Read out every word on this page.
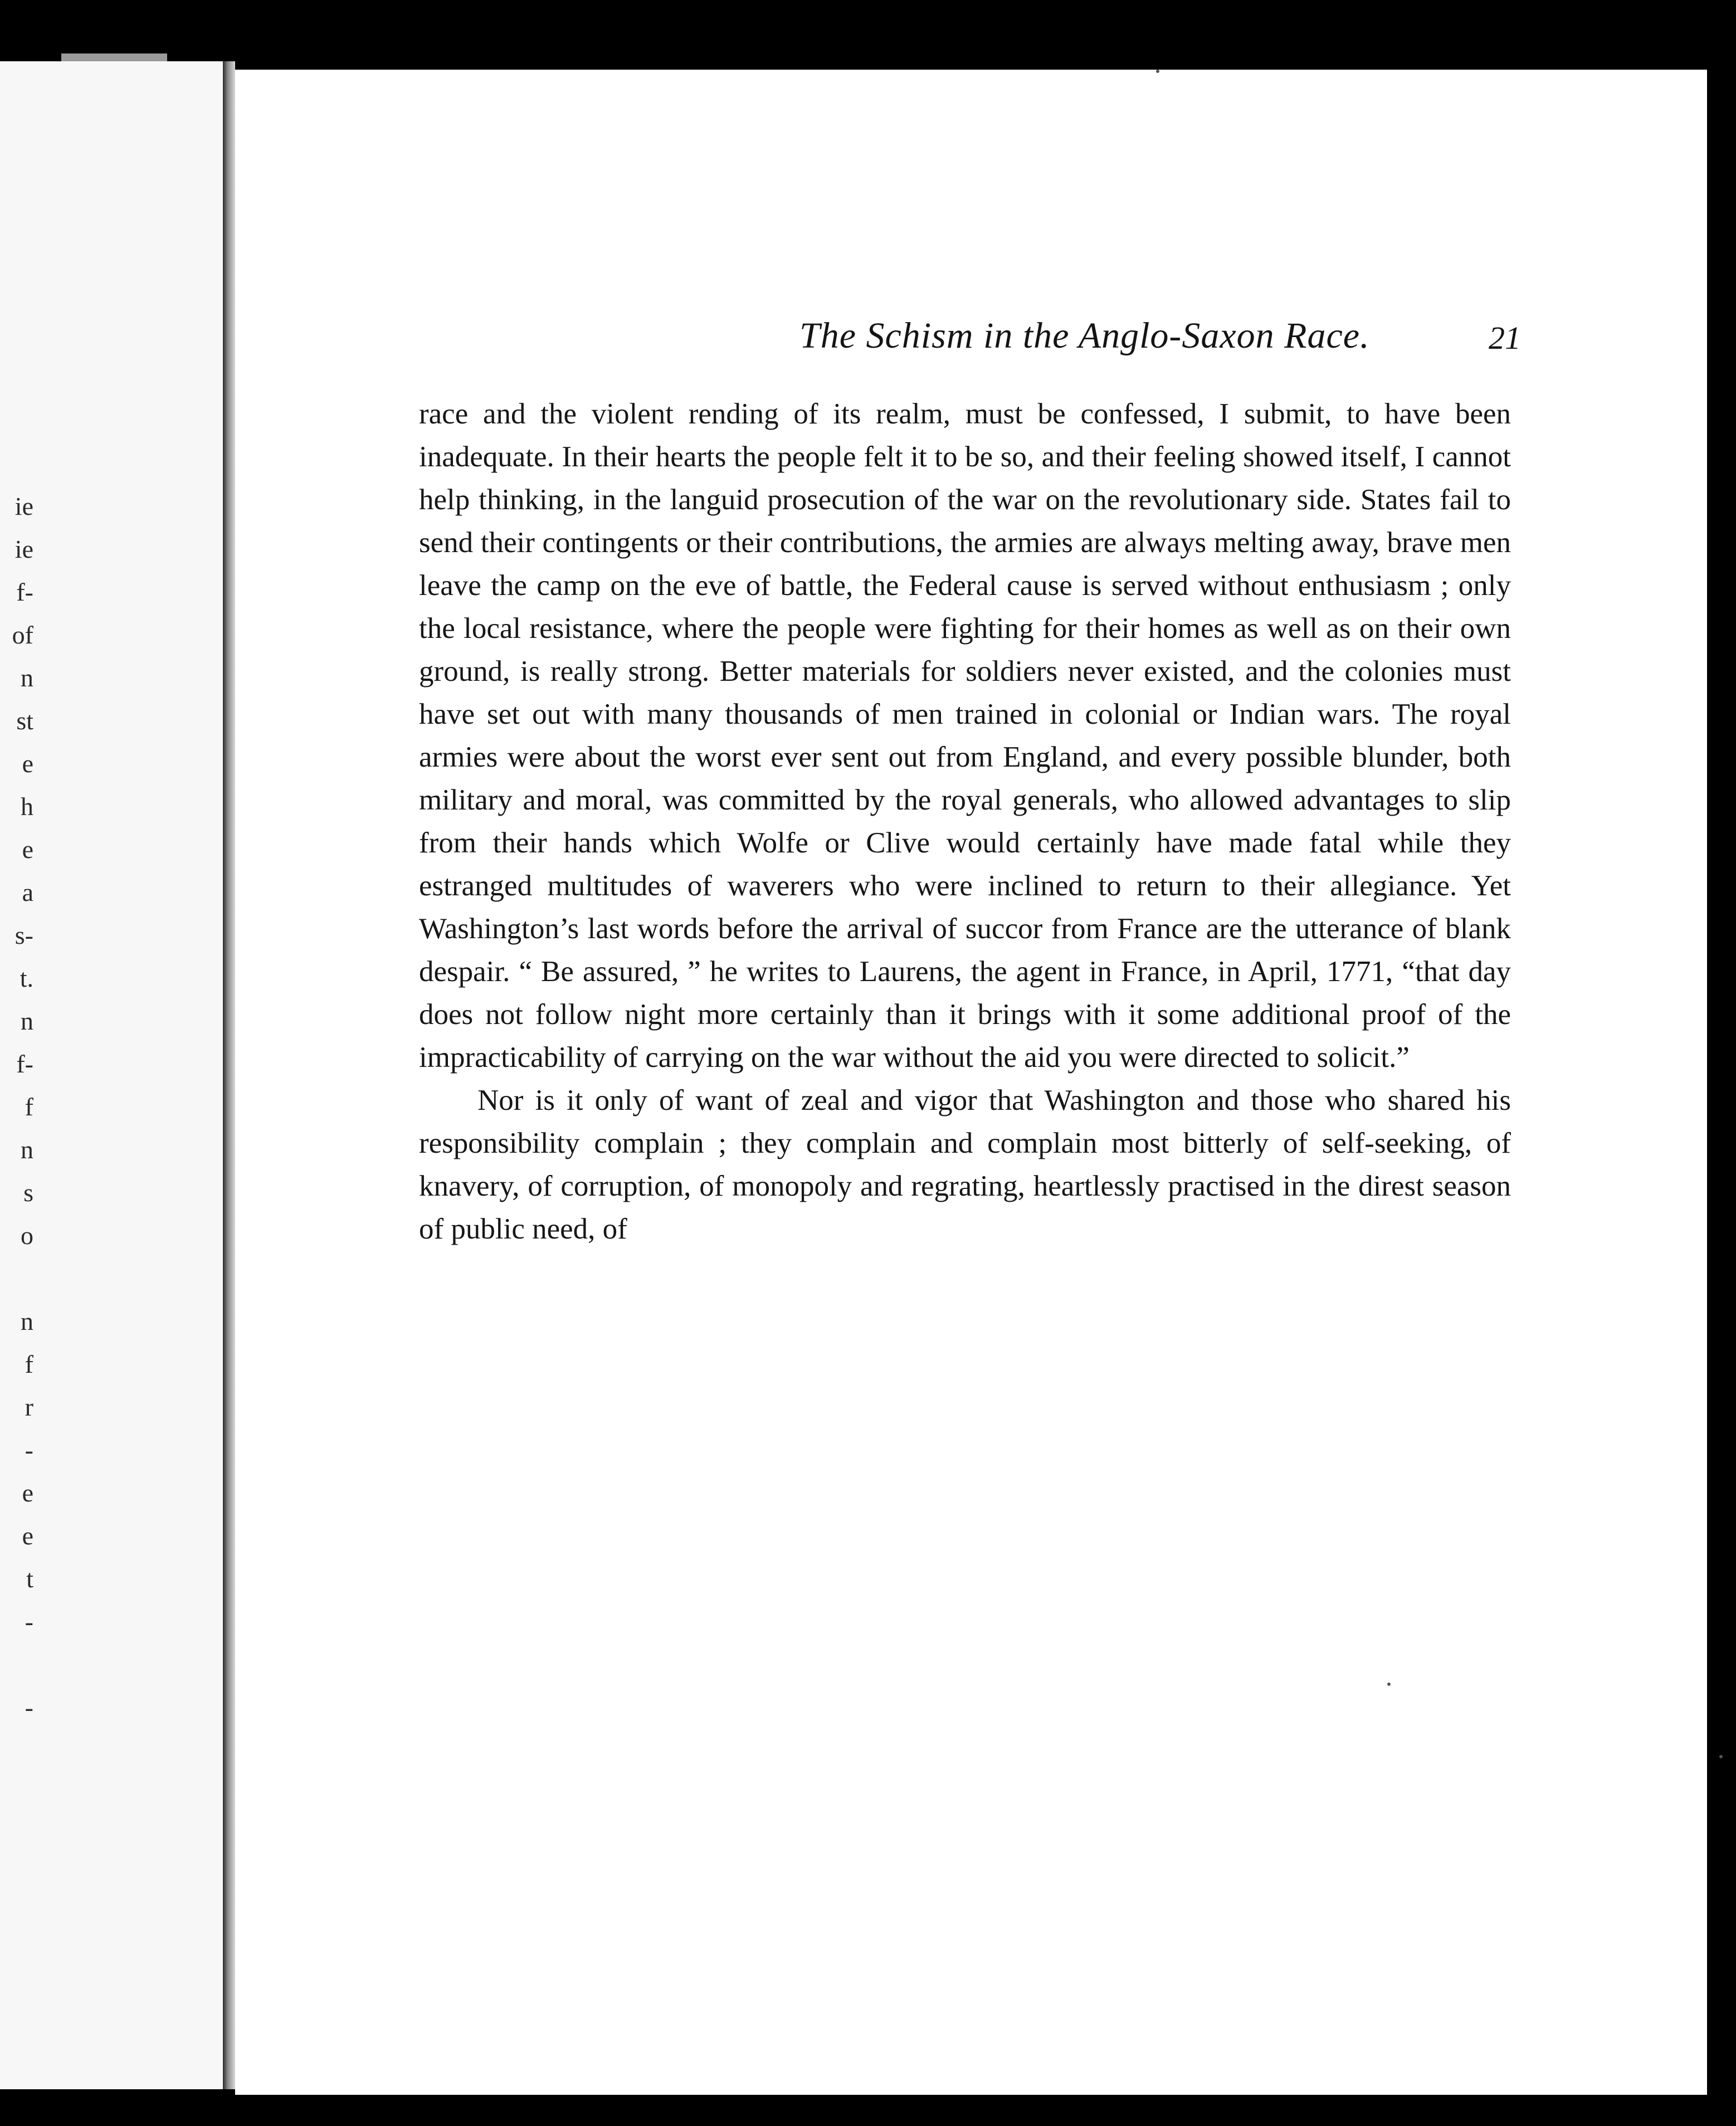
ie
ie
f-
of
n
st
e
h
e
a
s-
t.
n
f-
f
n
s
o
n
f
r
-
e
e
t
-
-
The Schism in the Anglo-Saxon Race.	21

race and the violent rending of its realm, must be confessed, I submit, to have been inadequate. In their hearts the people felt it to be so, and their feeling showed itself, I cannot help thinking, in the languid prosecution of the war on the revolutionary side. States fail to send their contingents or their contributions, the armies are always melting away, brave men leave the camp on the eve of battle, the Federal cause is served without enthusiasm ; only the local resistance, where the people were fighting for their homes as well as on their own ground, is really strong. Better materials for soldiers never existed, and the colonies must have set out with many thousands of men trained in colonial or Indian wars. The royal armies were about the worst ever sent out from England, and every possible blunder, both military and moral, was committed by the royal generals, who allowed advantages to slip from their hands which Wolfe or Clive would certainly have made fatal while they estranged multitudes of waverers who were inclined to return to their allegiance. Yet Washington’s last words before the arrival of succor from France are the utterance of blank despair. “ Be assured, ” he writes to Laurens, the agent in France, in April, 1771, “that day does not follow night more certainly than it brings with it some additional proof of the impracticability of carrying on the war without the aid you were directed to solicit.”

Nor is it only of want of zeal and vigor that Washington and those who shared his responsibility complain ; they complain and complain most bitterly of self-seeking, of knavery, of corruption, of monopoly and regrating, heartlessly practised in the direst season of public need, of
